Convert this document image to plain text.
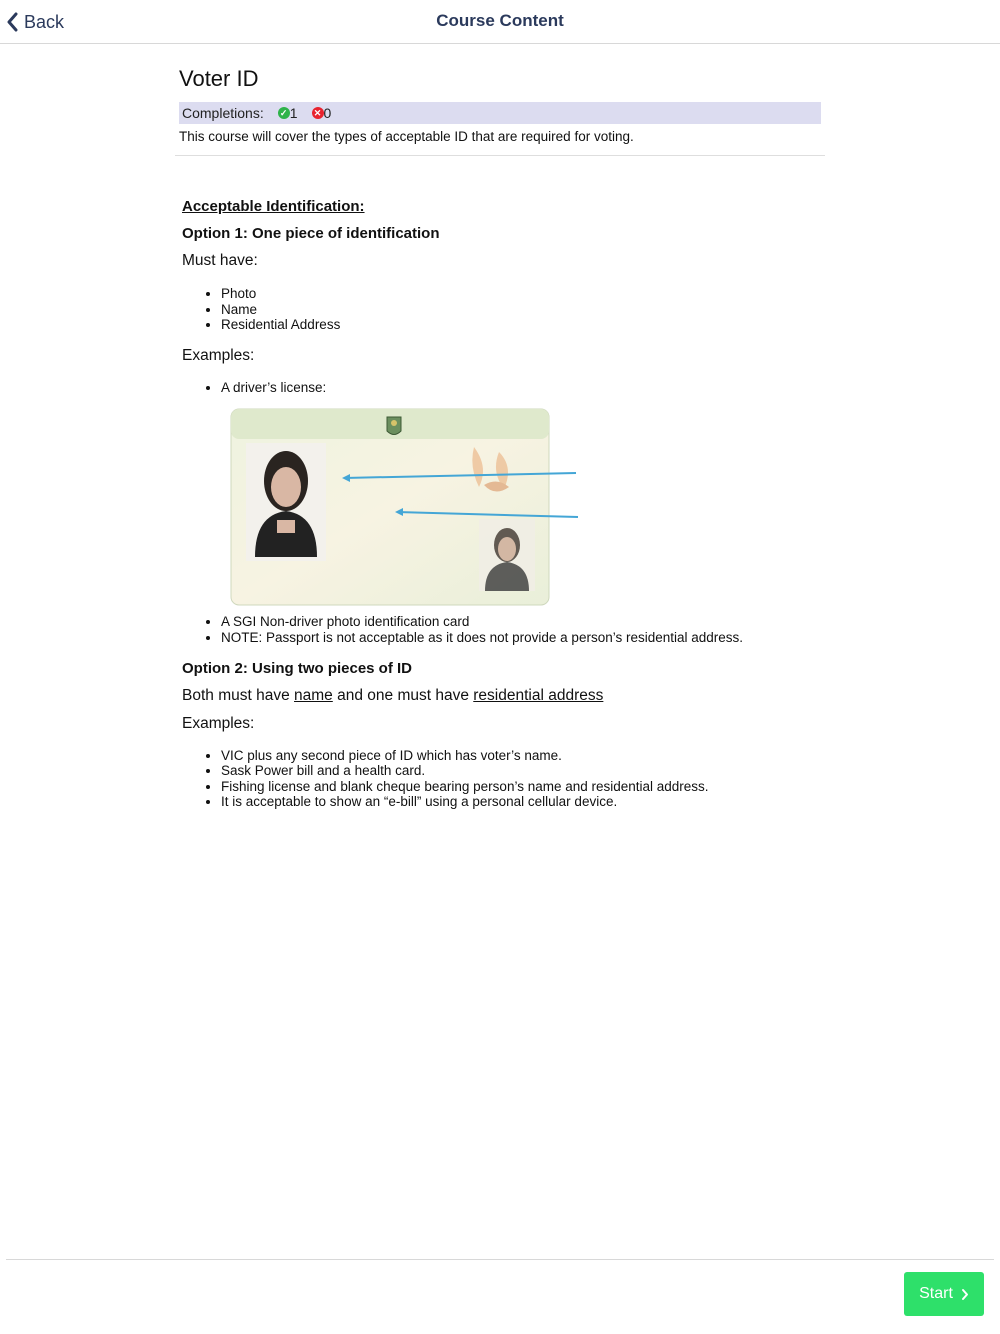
Back	Course Content
Voter ID
Completions: ✓ 1 ✕ 0
This course will cover the types of acceptable ID that are required for voting.

Acceptable Identification:

Option 1: One piece of identification

Must have:

• Photo
• Name
• Residential Address

Examples:

• A driver’s license:
• A SGI Non-driver photo identification card
• NOTE: Passport is not acceptable as it does not provide a person’s residential address.

Option 2: Using two pieces of ID

Both must have name and one must have residential address

Examples:

• VIC plus any second piece of ID which has voter’s name.
• Sask Power bill and a health card.
• Fishing license and blank cheque bearing person’s name and residential address.
• It is acceptable to show an “e-bill” using a personal cellular device.
Start
